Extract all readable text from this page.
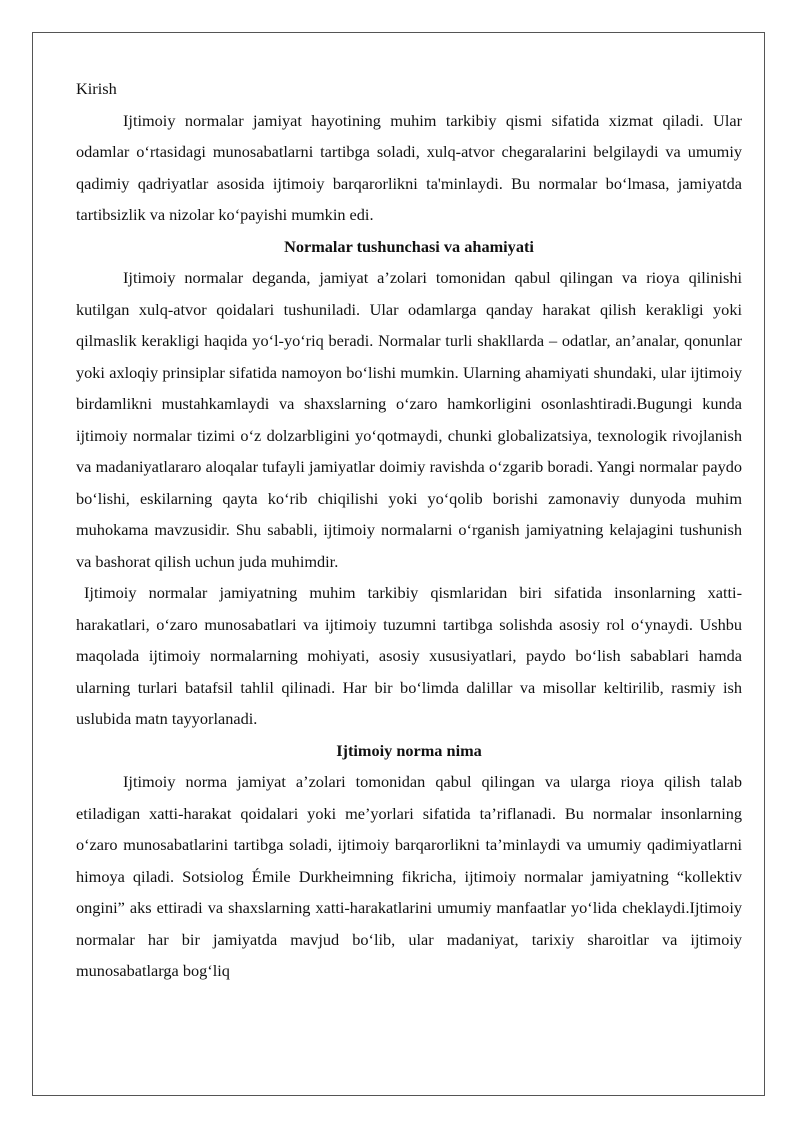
Kirish

Ijtimoiy normalar jamiyat hayotining muhim tarkibiy qismi sifatida xizmat qiladi. Ular odamlar o‘rtasidagi munosabatlarni tartibga soladi, xulq-atvor chegaralarini belgilaydi va umumiy qadimiy qadriyatlar asosida ijtimoiy barqarorlikni ta'minlaydi. Bu normalar bo‘lmasa, jamiyatda tartibsizlik va nizolar ko‘payishi mumkin edi.

Normalar tushunchasi va ahamiyati

Ijtimoiy normalar deganda, jamiyat a’zolari tomonidan qabul qilingan va rioya qilinishi kutilgan xulq-atvor qoidalari tushuniladi. Ular odamlarga qanday harakat qilish kerakligi yoki qilmaslik kerakligi haqida yo‘l-yo‘riq beradi. Normalar turli shakllarda – odatlar, an’analar, qonunlar yoki axloqiy prinsiplar sifatida namoyon bo‘lishi mumkin. Ularning ahamiyati shundaki, ular ijtimoiy birdamlikni mustahkamlaydi va shaxslarning o‘zaro hamkorligini osonlashtiradi.Bugungi kunda ijtimoiy normalar tizimi o‘z dolzarbligini yo‘qotmaydi, chunki globalizatsiya, texnologik rivojlanish va madaniyatlararo aloqalar tufayli jamiyatlar doimiy ravishda o‘zgarib boradi. Yangi normalar paydo bo‘lishi, eskilarning qayta ko‘rib chiqilishi yoki yo‘qolib borishi zamonaviy dunyoda muhim muhokama mavzusidir. Shu sababli, ijtimoiy normalarni o‘rganish jamiyatning kelajagini tushunish va bashorat qilish uchun juda muhimdir.

Ijtimoiy normalar jamiyatning muhim tarkibiy qismlaridan biri sifatida insonlarning xatti-harakatlari, o‘zaro munosabatlari va ijtimoiy tuzumni tartibga solishda asosiy rol o‘ynaydi. Ushbu maqolada ijtimoiy normalarning mohiyati, asosiy xususiyatlari, paydo bo‘lish sabablari hamda ularning turlari batafsil tahlil qilinadi. Har bir bo‘limda dalillar va misollar keltirilib, rasmiy ish uslubida matn tayyorlanadi.

Ijtimoiy norma nima

Ijtimoiy norma jamiyat a’zolari tomonidan qabul qilingan va ularga rioya qilish talab etiladigan xatti-harakat qoidalari yoki me’yorlari sifatida ta’riflanadi. Bu normalar insonlarning o‘zaro munosabatlarini tartibga soladi, ijtimoiy barqarorlikni ta’minlaydi va umumiy qadimiyatlarni himoya qiladi. Sotsiolog Émile Durkheimning fikricha, ijtimoiy normalar jamiyatning “kollektiv ongini” aks ettiradi va shaxslarning xatti-harakatlarini umumiy manfaatlar yo‘lida cheklaydi.Ijtimoiy normalar har bir jamiyatda mavjud bo‘lib, ular madaniyat, tarixiy sharoitlar va ijtimoiy munosabatlarga bog‘liq
